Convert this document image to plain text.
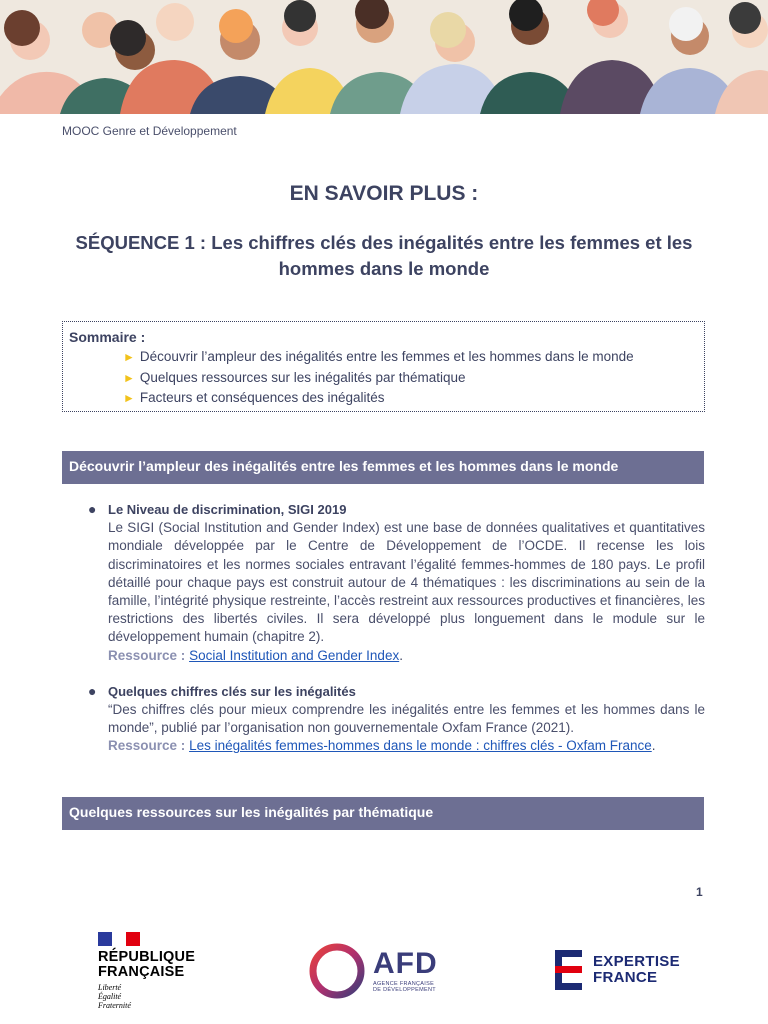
MOOC Genre et Développement
EN SAVOIR PLUS :
SÉQUENCE 1 : Les chiffres clés des inégalités entre les femmes et les hommes dans le monde
Sommaire :
► Découvrir l’ampleur des inégalités entre les femmes et les hommes dans le monde
► Quelques ressources sur les inégalités par thématique
► Facteurs et conséquences des inégalités
Découvrir l’ampleur des inégalités entre les femmes et les hommes dans le monde
● Le Niveau de discrimination, SIGI 2019
Le SIGI (Social Institution and Gender Index) est une base de données qualitatives et quantitatives mondiale développée par le Centre de Développement de l’OCDE. Il recense les lois discriminatoires et les normes sociales entravant l’égalité femmes-hommes de 180 pays. Le profil détaillé pour chaque pays est construit autour de 4 thématiques : les discriminations au sein de la famille, l’intégrité physique restreinte, l’accès restreint aux ressources productives et financières, les restrictions des libertés civiles. Il sera développé plus longuement dans le module sur le développement humain (chapitre 2).
Ressource : Social Institution and Gender Index.
● Quelques chiffres clés sur les inégalités
“Des chiffres clés pour mieux comprendre les inégalités entre les femmes et les hommes dans le monde”, publié par l’organisation non gouvernementale Oxfam France (2021).
Ressource : Les inégalités femmes-hommes dans le monde : chiffres clés - Oxfam France.
Quelques ressources sur les inégalités par thématique
1
RÉPUBLIQUE
FRANÇAISE
Liberté
Égalité
Fraternité
AFD
AGENCE FRANÇAISE
DE DÉVELOPPEMENT
EXPERTISE
FRANCE
